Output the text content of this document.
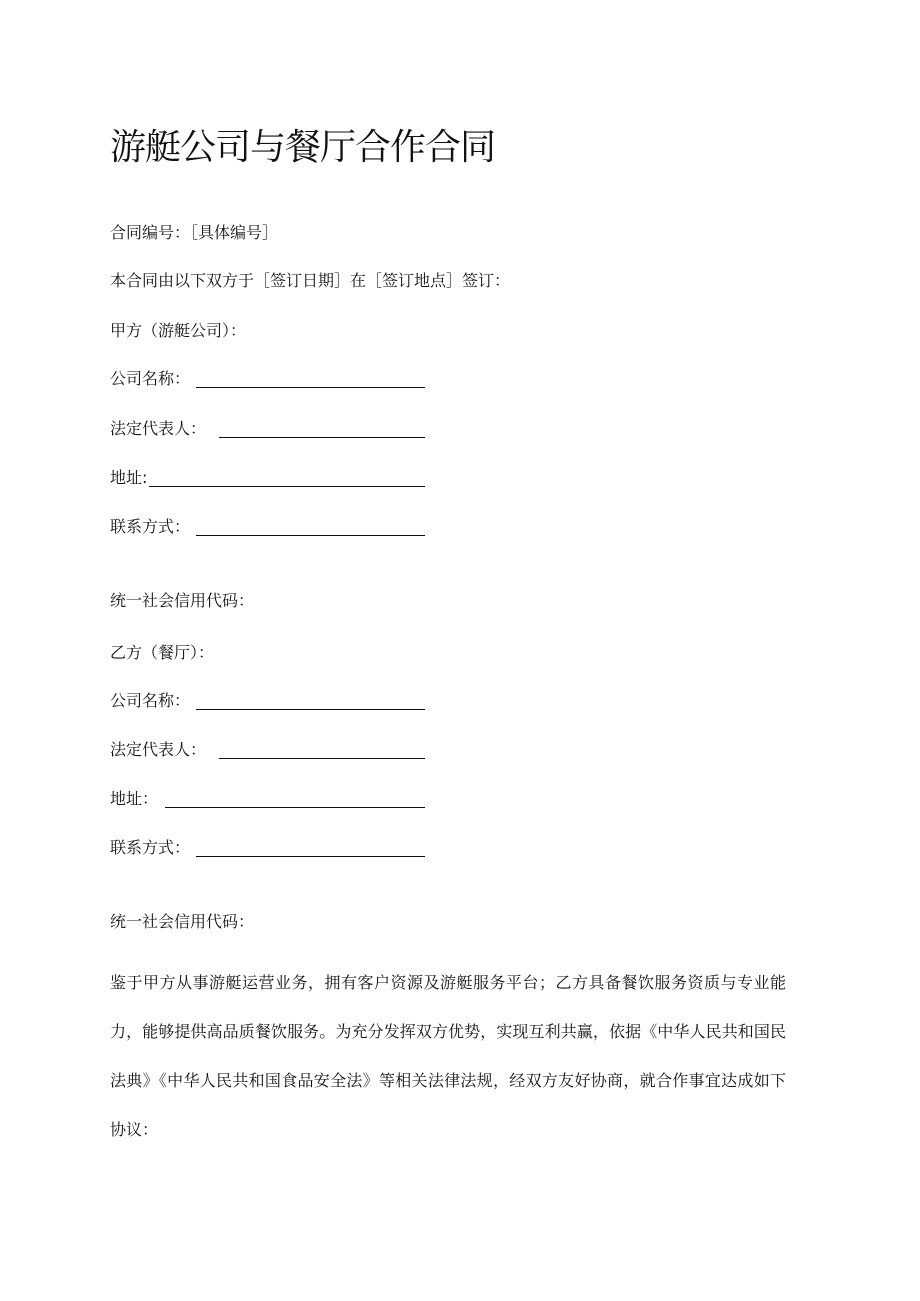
游艇公司与餐厅合作合同
合同编号：［具体编号］
本合同由以下双方于［签订日期］在［签订地点］签订：
甲方（游艇公司）：
公司名称：
法定代表人：
地址:
联系方式：
统一社会信用代码：
乙方（餐厅）：
公司名称：
法定代表人：
地址：
联系方式：
统一社会信用代码：

鉴于甲方从事游艇运营业务，拥有客户资源及游艇服务平台；乙方具备餐饮服务资质与专业能力，能够提供高品质餐饮服务。为充分发挥双方优势，实现互利共赢，依据《中华人民共和国民法典》《中华人民共和国食品安全法》等相关法律法规，经双方友好协商，就合作事宜达成如下协议：
